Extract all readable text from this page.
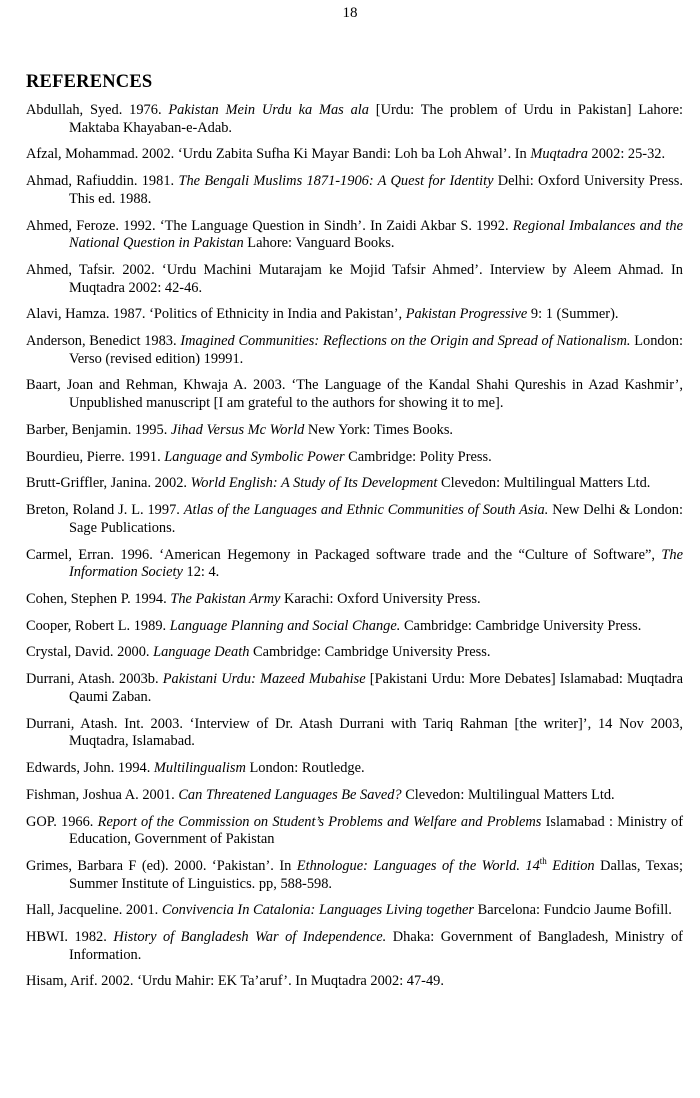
18
REFERENCES

Abdullah, Syed. 1976. Pakistan Mein Urdu ka Mas ala [Urdu: The problem of Urdu in Pakistan] Lahore: Maktaba Khayaban-e-Adab.

Afzal, Mohammad. 2002. ‘Urdu Zabita Sufha Ki Mayar Bandi: Loh ba Loh Ahwal’. In Muqtadra 2002: 25-32.

Ahmad, Rafiuddin. 1981. The Bengali Muslims 1871-1906: A Quest for Identity Delhi: Oxford University Press. This ed. 1988.

Ahmed, Feroze. 1992. ‘The Language Question in Sindh’. In Zaidi Akbar S. 1992. Regional Imbalances and the National Question in Pakistan Lahore: Vanguard Books.

Ahmed, Tafsir. 2002. ‘Urdu Machini Mutarajam ke Mojid Tafsir Ahmed’. Interview by Aleem Ahmad. In Muqtadra 2002: 42-46.

Alavi, Hamza. 1987. ‘Politics of Ethnicity in India and Pakistan’, Pakistan Progressive 9: 1 (Summer).

Anderson, Benedict 1983. Imagined Communities: Reflections on the Origin and Spread of Nationalism. London: Verso (revised edition) 19991.

Baart, Joan and Rehman, Khwaja A. 2003. ‘The Language of the Kandal Shahi Qureshis in Azad Kashmir’, Unpublished manuscript [I am grateful to the authors for showing it to me].

Barber, Benjamin. 1995. Jihad Versus Mc World New York: Times Books.

Bourdieu, Pierre. 1991. Language and Symbolic Power Cambridge: Polity Press.

Brutt-Griffler, Janina. 2002. World English: A Study of Its Development Clevedon: Multilingual Matters Ltd.

Breton, Roland J. L. 1997. Atlas of the Languages and Ethnic Communities of South Asia. New Delhi & London: Sage Publications.

Carmel, Erran. 1996. ‘American Hegemony in Packaged software trade and the “Culture of Software”, The Information Society 12: 4.

Cohen, Stephen P. 1994. The Pakistan Army Karachi: Oxford University Press.

Cooper, Robert L. 1989. Language Planning and Social Change. Cambridge: Cambridge University Press.

Crystal, David. 2000. Language Death Cambridge: Cambridge University Press.

Durrani, Atash. 2003b. Pakistani Urdu: Mazeed Mubahise [Pakistani Urdu: More Debates] Islamabad: Muqtadra Qaumi Zaban.

Durrani, Atash. Int. 2003. ‘Interview of Dr. Atash Durrani with Tariq Rahman [the writer]’, 14 Nov 2003, Muqtadra, Islamabad.

Edwards, John. 1994. Multilingualism London: Routledge.

Fishman, Joshua A. 2001. Can Threatened Languages Be Saved? Clevedon: Multilingual Matters Ltd.

GOP. 1966. Report of the Commission on Student’s Problems and Welfare and Problems Islamabad : Ministry of Education, Government of Pakistan

Grimes, Barbara F (ed). 2000. ‘Pakistan’. In Ethnologue: Languages of the World. 14th Edition Dallas, Texas; Summer Institute of Linguistics. pp, 588-598.

Hall, Jacqueline. 2001. Convivencia In Catalonia: Languages Living together Barcelona: Fundcio Jaume Bofill.

HBWI. 1982. History of Bangladesh War of Independence. Dhaka: Government of Bangladesh, Ministry of Information.

Hisam, Arif. 2002. ‘Urdu Mahir: EK Ta’aruf’. In Muqtadra 2002: 47-49.
